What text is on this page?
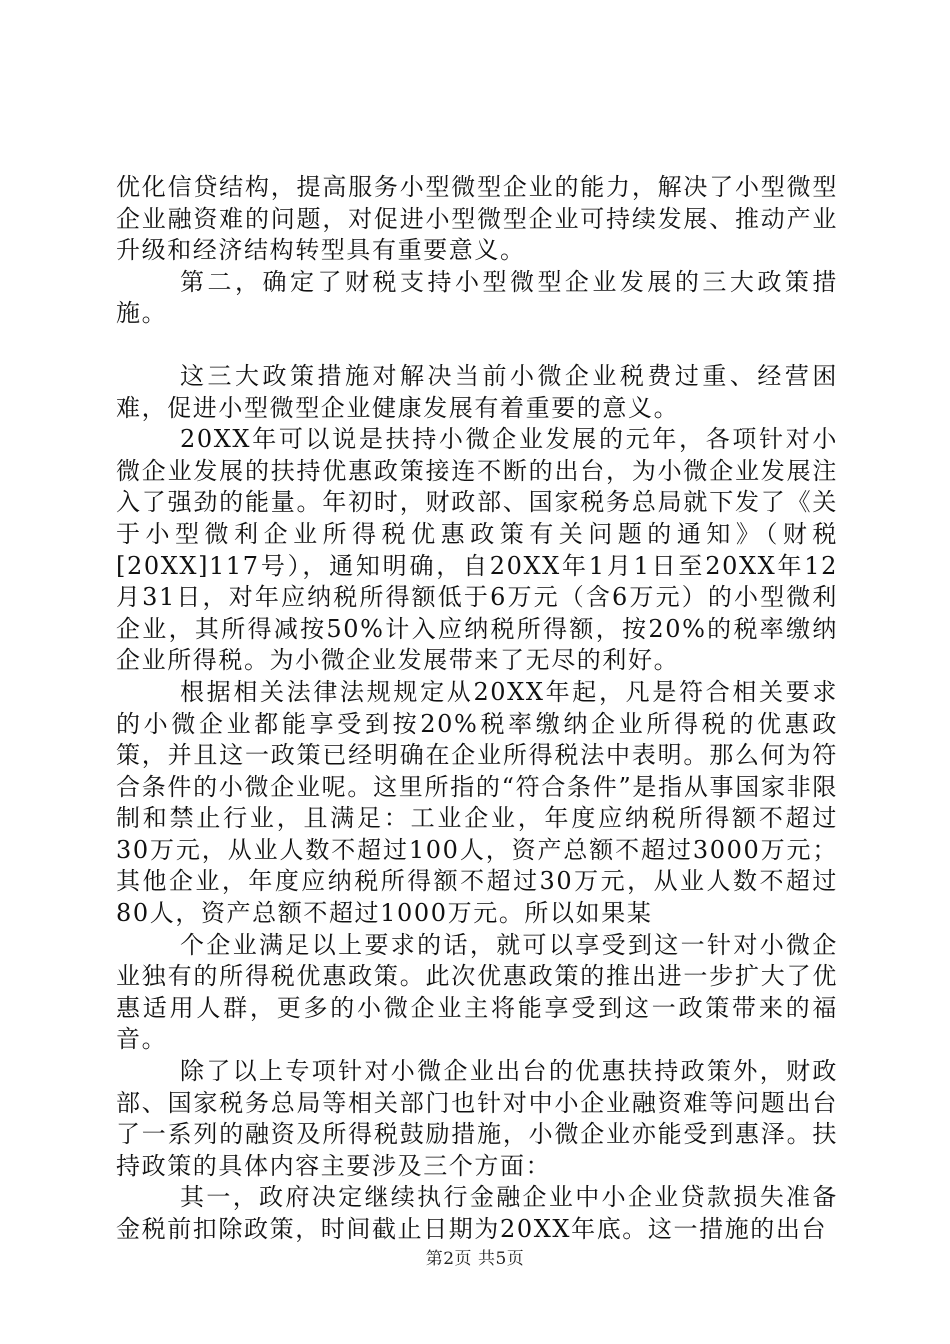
优化信贷结构，提高服务小型微型企业的能力，解决了小型微型企业融资难的问题，对促进小型微型企业可持续发展、推动产业升级和经济结构转型具有重要意义。

第二，确定了财税支持小型微型企业发展的三大政策措施。

这三大政策措施对解决当前小微企业税费过重、经营困难，促进小型微型企业健康发展有着重要的意义。

20XX年可以说是扶持小微企业发展的元年，各项针对小微企业发展的扶持优惠政策接连不断的出台，为小微企业发展注入了强劲的能量。年初时，财政部、国家税务总局就下发了《关于小型微利企业所得税优惠政策有关问题的通知》（财税[20XX]117号），通知明确，自20XX年1月1日至20XX年12月31日，对年应纳税所得额低于6万元（含6万元）的小型微利企业，其所得减按50%计入应纳税所得额，按20%的税率缴纳企业所得税。为小微企业发展带来了无尽的利好。

根据相关法律法规规定从20XX年起，凡是符合相关要求的小微企业都能享受到按20%税率缴纳企业所得税的优惠政策，并且这一政策已经明确在企业所得税法中表明。那么何为符合条件的小微企业呢。这里所指的“符合条件”是指从事国家非限制和禁止行业，且满足：工业企业，年度应纳税所得额不超过30万元，从业人数不超过100人，资产总额不超过3000万元；其他企业，年度应纳税所得额不超过30万元，从业人数不超过80人，资产总额不超过1000万元。所以如果某

个企业满足以上要求的话，就可以享受到这一针对小微企业独有的所得税优惠政策。此次优惠政策的推出进一步扩大了优惠适用人群，更多的小微企业主将能享受到这一政策带来的福音。

除了以上专项针对小微企业出台的优惠扶持政策外，财政部、国家税务总局等相关部门也针对中小企业融资难等问题出台了一系列的融资及所得税鼓励措施，小微企业亦能受到惠泽。扶持政策的具体内容主要涉及三个方面：

其一，政府决定继续执行金融企业中小企业贷款损失准备金税前扣除政策，时间截止日期为20XX年底。这一措施的出台

第2页 共5页
